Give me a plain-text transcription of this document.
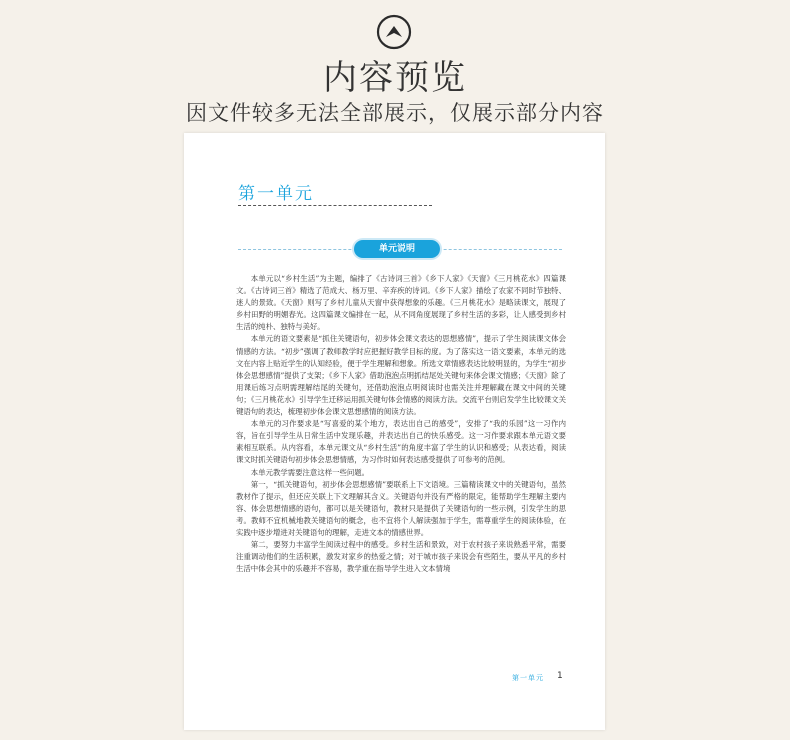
内容预览
因文件较多无法全部展示，仅展示部分内容
第一单元
单元说明

本单元以“乡村生活”为主题，编排了《古诗词三首》《乡下人家》《天窗》《三月桃花水》四篇课文。《古诗词三首》精选了范成大、杨万里、辛弃疾的诗词。《乡下人家》描绘了农家不同时节独特、迷人的景致。《天窗》则写了乡村儿童从天窗中获得想象的乐趣。《三月桃花水》是略读课文，展现了乡村田野的明媚春光。这四篇课文编排在一起，从不同角度展现了乡村生活的多彩，让人感受到乡村生活的纯朴、独特与美好。

本单元的语文要素是“抓住关键语句，初步体会课文表达的思想感情”，提示了学生阅读课文体会情感的方法。“初步”强调了教师教学时应把握好教学目标的度。为了落实这一语文要素，本单元的选文在内容上贴近学生的认知经验，便于学生理解和想象。所选文章情感表达比较明显的，为学生“初步体会思想感情”提供了支架；《乡下人家》借助泡泡点明抓结尾处关键句来体会课文情感；《天窗》除了用课后练习点明需理解结尾的关键句，还借助泡泡点明阅读时也需关注并理解藏在课文中间的关键句；《三月桃花水》引导学生迁移运用抓关键句体会情感的阅读方法。交流平台则启发学生比较课文关键语句的表达，梳理初步体会课文思想感情的阅读方法。

本单元的习作要求是“写喜爱的某个地方，表达出自己的感受”，安排了“我的乐园”这一习作内容，旨在引导学生从日常生活中发现乐趣，并表达出自己的快乐感受。这一习作要求跟本单元语文要素相互联系。从内容看，本单元课文从“乡村生活”的角度丰富了学生的认识和感受；从表达看，阅读课文时抓关键语句初步体会思想情感，为习作时如何表达感受提供了可参考的范例。

本单元教学需要注意这样一些问题。

第一，“抓关键语句，初步体会思想感情”要联系上下文语境。三篇精读课文中的关键语句，虽然教材作了提示，但还应关联上下文理解其含义。关键语句并没有严格的限定，能帮助学生理解主要内容、体会思想情感的语句，都可以是关键语句，教材只是提供了关键语句的一些示例，引发学生的思考。教师不宜机械地教关键语句的概念，也不宜将个人解读强加于学生，需尊重学生的阅读体验，在实践中逐步增进对关键语句的理解，走进文本的情感世界。

第二，要努力丰富学生阅读过程中的感受。乡村生活和景致，对于农村孩子来说熟悉平常，需要注重调动他们的生活积累，激发对家乡的热爱之情；对于城市孩子来说会有些陌生，要从平凡的乡村生活中体会其中的乐趣并不容易，教学重在指导学生进入文本情境

第一单元 1
